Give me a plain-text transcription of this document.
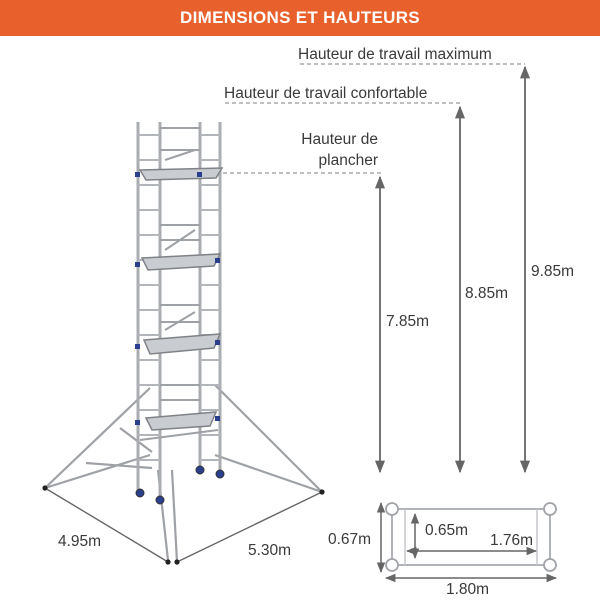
DIMENSIONS ET HAUTEURS
Hauteur de travail maximum
Hauteur de travail confortable
Hauteur de
plancher
7.85m
8.85m
9.85m
4.95m
5.30m
0.67m
0.65m
1.76m
1.80m
